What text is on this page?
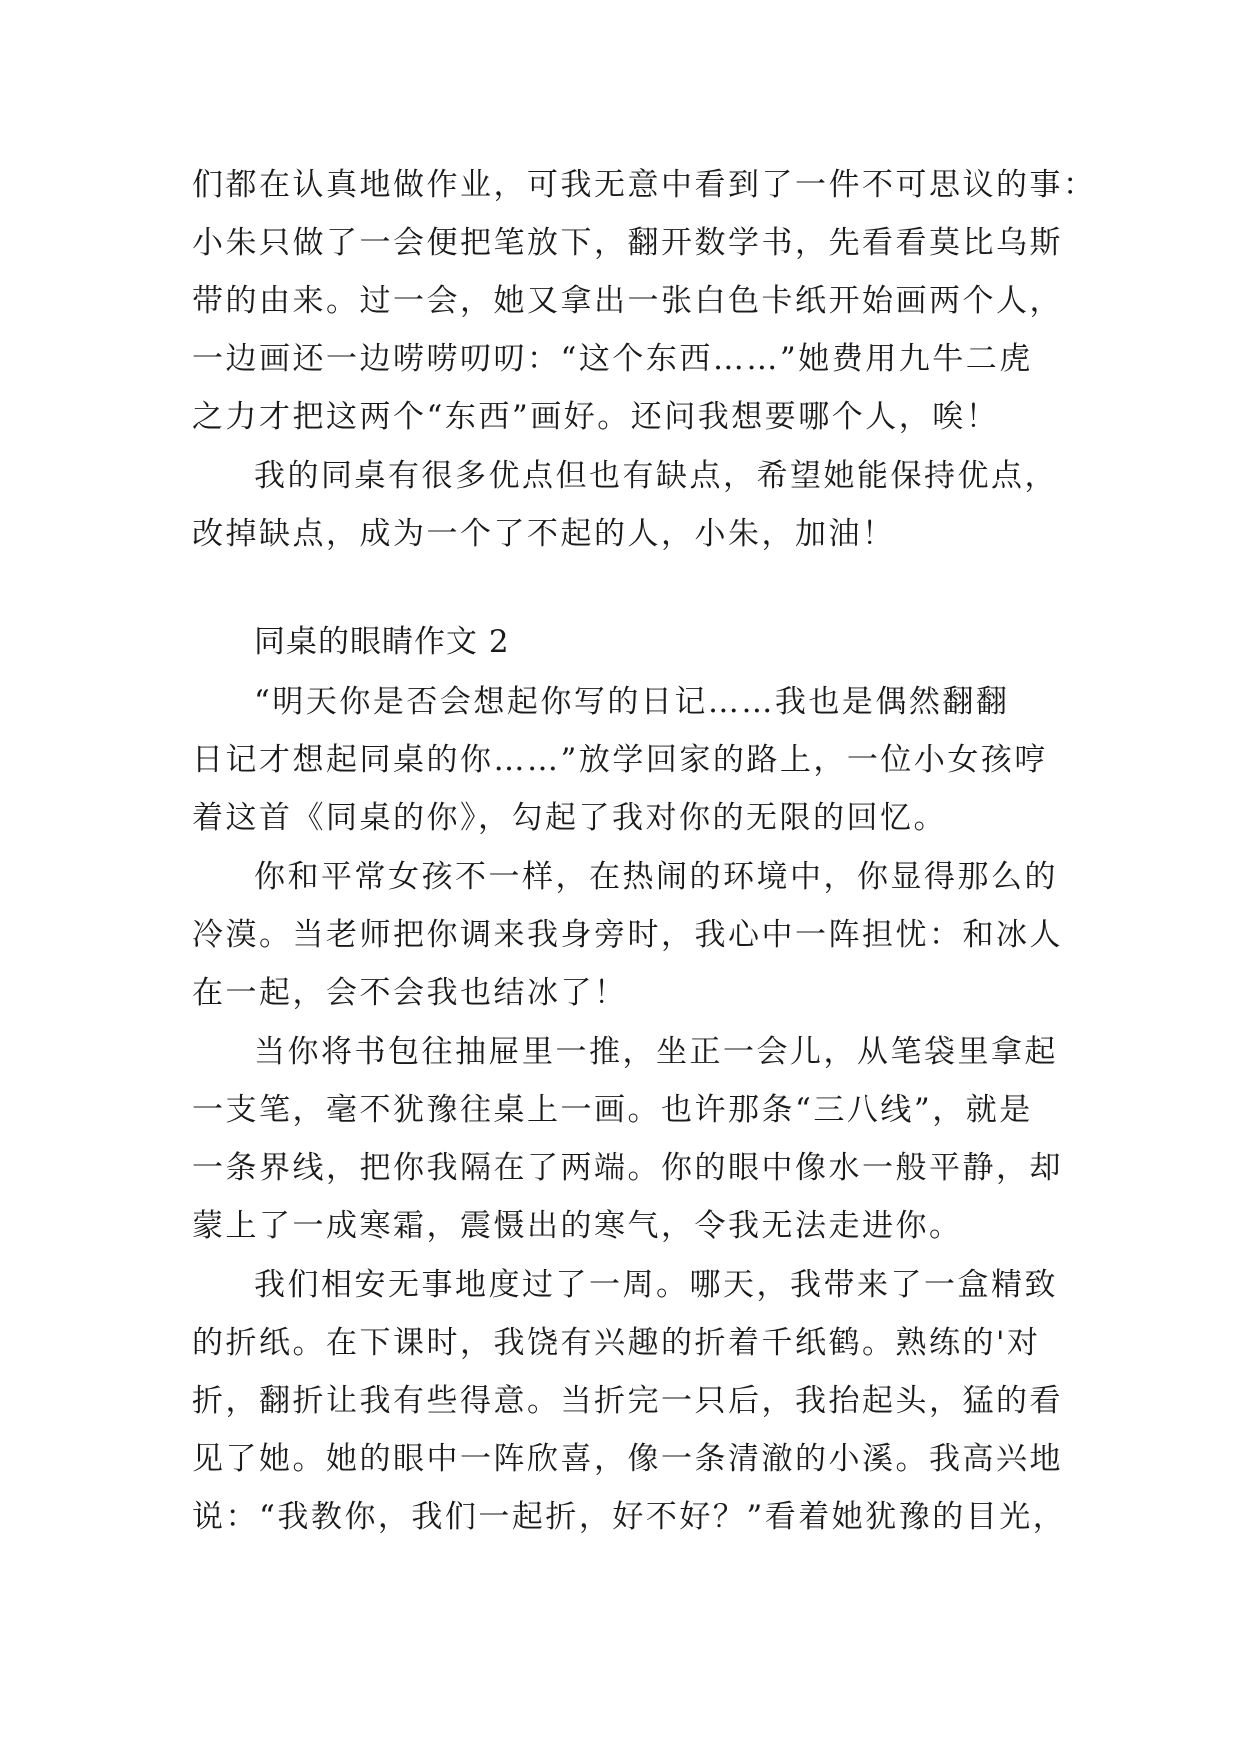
们都在认真地做作业，可我无意中看到了一件不可思议的事：
小朱只做了一会便把笔放下，翻开数学书，先看看莫比乌斯
带的由来。过一会，她又拿出一张白色卡纸开始画两个人，
一边画还一边唠唠叨叨：“这个东西……”她费用九牛二虎
之力才把这两个“东西”画好。还问我想要哪个人，唉！
我的同桌有很多优点但也有缺点，希望她能保持优点，
改掉缺点，成为一个了不起的人，小朱，加油！
同桌的眼睛作文 2
“明天你是否会想起你写的日记……我也是偶然翻翻
日记才想起同桌的你……”放学回家的路上，一位小女孩哼
着这首《同桌的你》，勾起了我对你的无限的回忆。
你和平常女孩不一样，在热闹的环境中，你显得那么的
冷漠。当老师把你调来我身旁时，我心中一阵担忧：和冰人
在一起，会不会我也结冰了！
当你将书包往抽屉里一推，坐正一会儿，从笔袋里拿起
一支笔，毫不犹豫往桌上一画。也许那条“三八线”，就是
一条界线，把你我隔在了两端。你的眼中像水一般平静，却
蒙上了一成寒霜，震慑出的寒气，令我无法走进你。
我们相安无事地度过了一周。哪天，我带来了一盒精致
的折纸。在下课时，我饶有兴趣的折着千纸鹤。熟练的'对
折，翻折让我有些得意。当折完一只后，我抬起头，猛的看
见了她。她的眼中一阵欣喜，像一条清澈的小溪。我高兴地
说：“我教你，我们一起折，好不好？”看着她犹豫的目光，
